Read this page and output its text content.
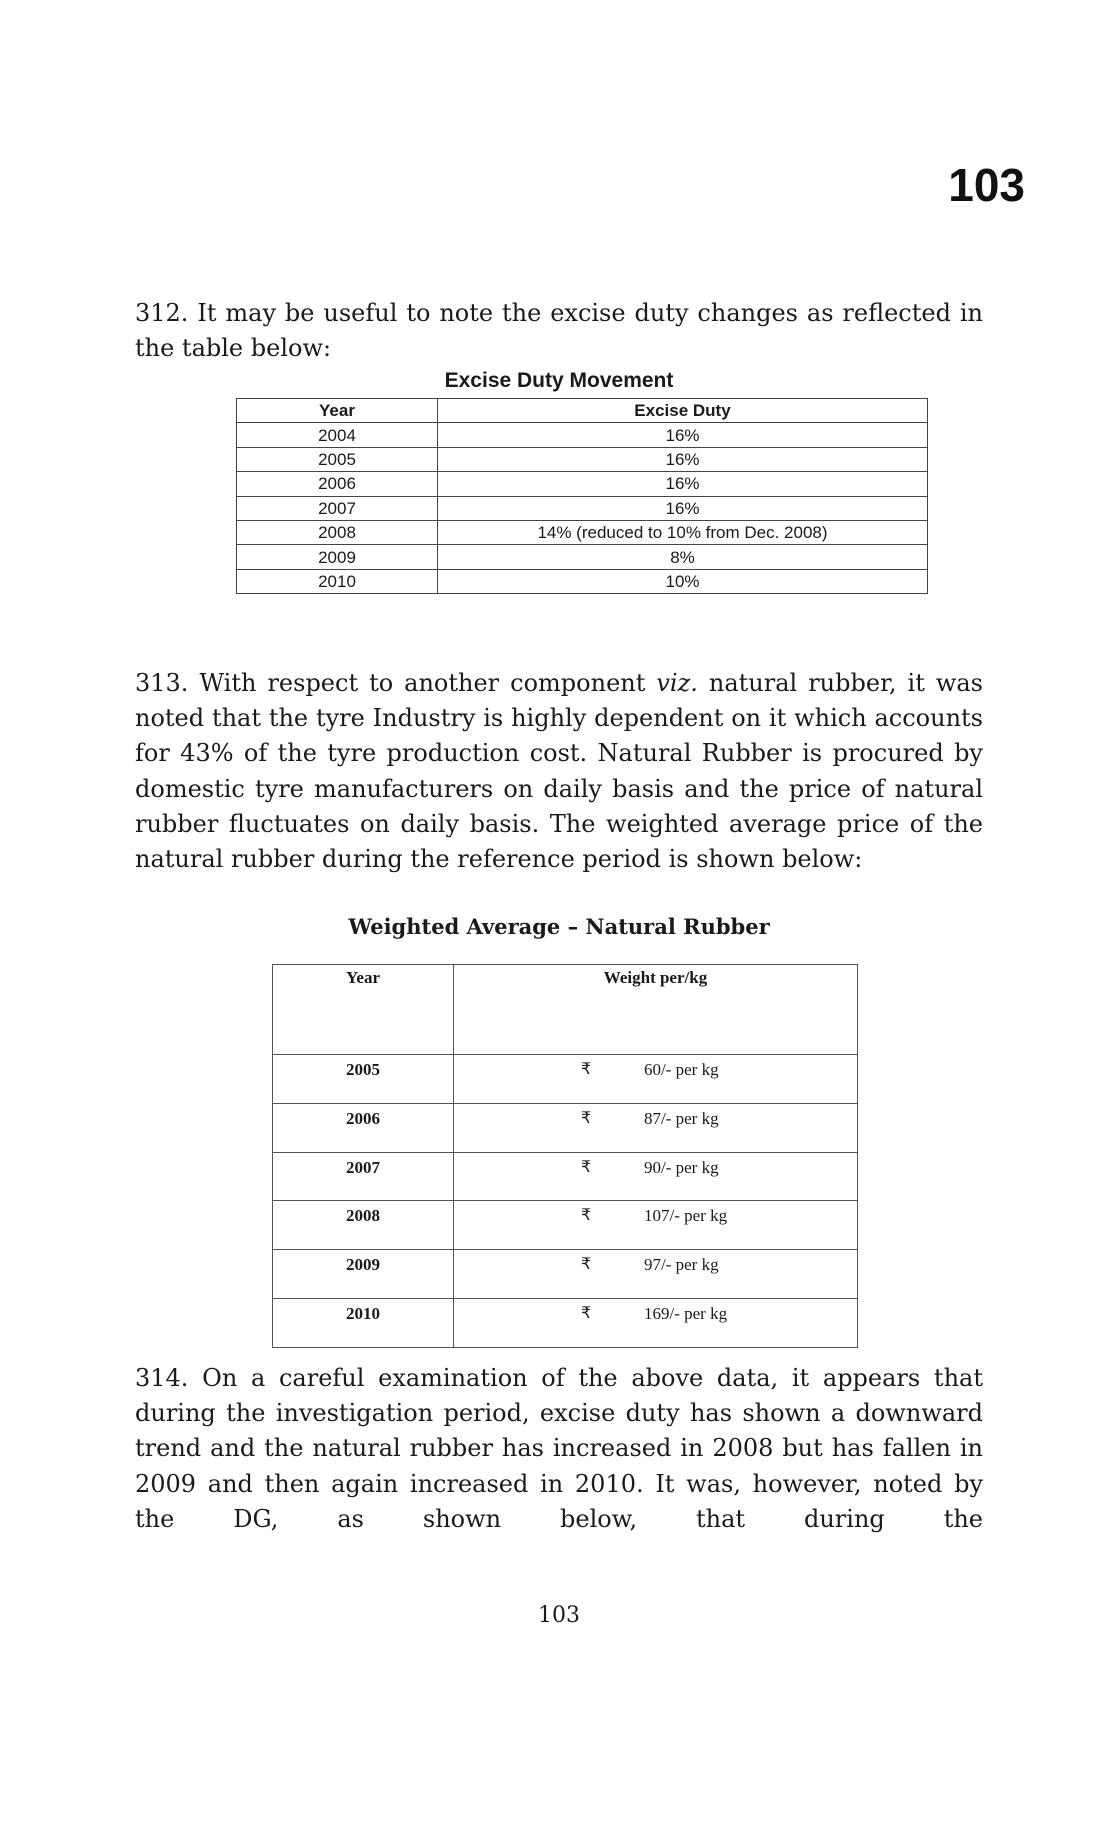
103

312. It may be useful to note the excise duty changes as reflected in the table below:

Excise Duty Movement
Year	Excise Duty
2004	16%
2005	16%
2006	16%
2007	16%
2008	14% (reduced to 10% from Dec. 2008)
2009	8%
2010	10%

313. With respect to another component viz. natural rubber, it was noted that the tyre Industry is highly dependent on it which accounts for 43% of the tyre production cost. Natural Rubber is procured by domestic tyre manufacturers on daily basis and the price of natural rubber fluctuates on daily basis. The weighted average price of the natural rubber during the reference period is shown below:

Weighted Average – Natural Rubber
Year	Weight per/kg
2005	₹ 60/- per kg

2006	₹ 87/- per kg

2007	₹ 90/- per kg

2008	₹ 107/- per kg

2009	₹ 97/- per kg

2010	₹ 169/- per kg

314. On a careful examination of the above data, it appears that during the investigation period, excise duty has shown a downward trend and the natural rubber has increased in 2008 but has fallen in 2009 and then again increased in 2010. It was, however, noted by the DG, as shown below, that during the

103
